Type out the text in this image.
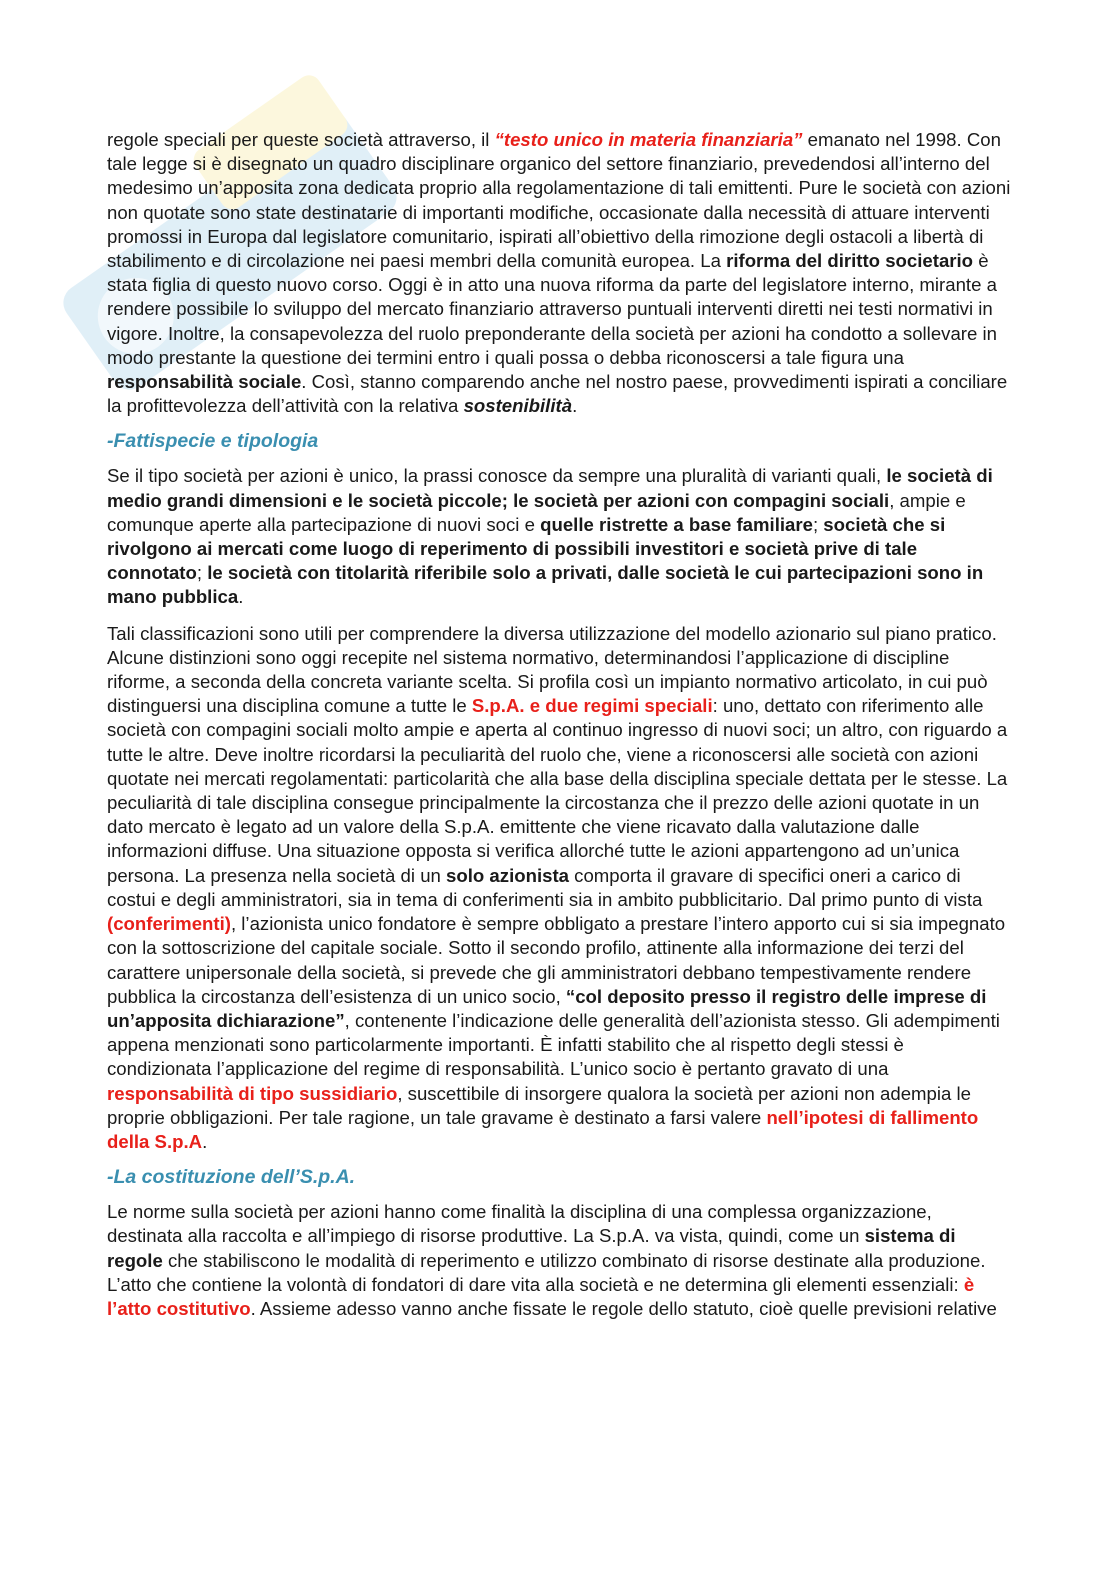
regole speciali per queste società attraverso, il “testo unico in materia finanziaria” emanato nel 1998. Con tale legge si è disegnato un quadro disciplinare organico del settore finanziario, prevedendosi all’interno del medesimo un’apposita zona dedicata proprio alla regolamentazione di tali emittenti. Pure le società con azioni non quotate sono state destinatarie di importanti modifiche, occasionate dalla necessità di attuare interventi promossi in Europa dal legislatore comunitario, ispirati all’obiettivo della rimozione degli ostacoli a libertà di stabilimento e di circolazione nei paesi membri della comunità europea. La riforma del diritto societario è stata figlia di questo nuovo corso. Oggi è in atto una nuova riforma da parte del legislatore interno, mirante a rendere possibile lo sviluppo del mercato finanziario attraverso puntuali interventi diretti nei testi normativi in vigore. Inoltre, la consapevolezza del ruolo preponderante della società per azioni ha condotto a sollevare in modo prestante la questione dei termini entro i quali possa o debba riconoscersi a tale figura una responsabilità sociale. Così, stanno comparendo anche nel nostro paese, provvedimenti ispirati a conciliare la profittevolezza dell’attività con la relativa sostenibilità.

-Fattispecie e tipologia

Se il tipo società per azioni è unico, la prassi conosce da sempre una pluralità di varianti quali, le società di medio grandi dimensioni e le società piccole; le società per azioni con compagini sociali, ampie e comunque aperte alla partecipazione di nuovi soci e quelle ristrette a base familiare; società che si rivolgono ai mercati come luogo di reperimento di possibili investitori e società prive di tale connotato; le società con titolarità riferibile solo a privati, dalle società le cui partecipazioni sono in mano pubblica.

Tali classificazioni sono utili per comprendere la diversa utilizzazione del modello azionario sul piano pratico. Alcune distinzioni sono oggi recepite nel sistema normativo, determinandosi l’applicazione di discipline riforme, a seconda della concreta variante scelta. Si profila così un impianto normativo articolato, in cui può distinguersi una disciplina comune a tutte le S.p.A. e due regimi speciali: uno, dettato con riferimento alle società con compagini sociali molto ampie e aperta al continuo ingresso di nuovi soci; un altro, con riguardo a tutte le altre. Deve inoltre ricordarsi la peculiarità del ruolo che, viene a riconoscersi alle società con azioni quotate nei mercati regolamentati: particolarità che alla base della disciplina speciale dettata per le stesse. La peculiarità di tale disciplina consegue principalmente la circostanza che il prezzo delle azioni quotate in un dato mercato è legato ad un valore della S.p.A. emittente che viene ricavato dalla valutazione dalle informazioni diffuse. Una situazione opposta si verifica allorché tutte le azioni appartengono ad un’unica persona. La presenza nella società di un solo azionista comporta il gravare di specifici oneri a carico di costui e degli amministratori, sia in tema di conferimenti sia in ambito pubblicitario. Dal primo punto di vista (conferimenti), l’azionista unico fondatore è sempre obbligato a prestare l’intero apporto cui si sia impegnato con la sottoscrizione del capitale sociale. Sotto il secondo profilo, attinente alla informazione dei terzi del carattere unipersonale della società, si prevede che gli amministratori debbano tempestivamente rendere pubblica la circostanza dell’esistenza di un unico socio, “col deposito presso il registro delle imprese di un’apposita dichiarazione”, contenente l’indicazione delle generalità dell’azionista stesso. Gli adempimenti appena menzionati sono particolarmente importanti. È infatti stabilito che al rispetto degli stessi è condizionata l’applicazione del regime di responsabilità. L’unico socio è pertanto gravato di una responsabilità di tipo sussidiario, suscettibile di insorgere qualora la società per azioni non adempia le proprie obbligazioni. Per tale ragione, un tale gravame è destinato a farsi valere nell’ipotesi di fallimento della S.p.A.

-La costituzione dell’S.p.A.

Le norme sulla società per azioni hanno come finalità la disciplina di una complessa organizzazione, destinata alla raccolta e all’impiego di risorse produttive. La S.p.A. va vista, quindi, come un sistema di regole che stabiliscono le modalità di reperimento e utilizzo combinato di risorse destinate alla produzione. L’atto che contiene la volontà di fondatori di dare vita alla società e ne determina gli elementi essenziali: è l’atto costitutivo. Assieme adesso vanno anche fissate le regole dello statuto, cioè quelle previsioni relative
